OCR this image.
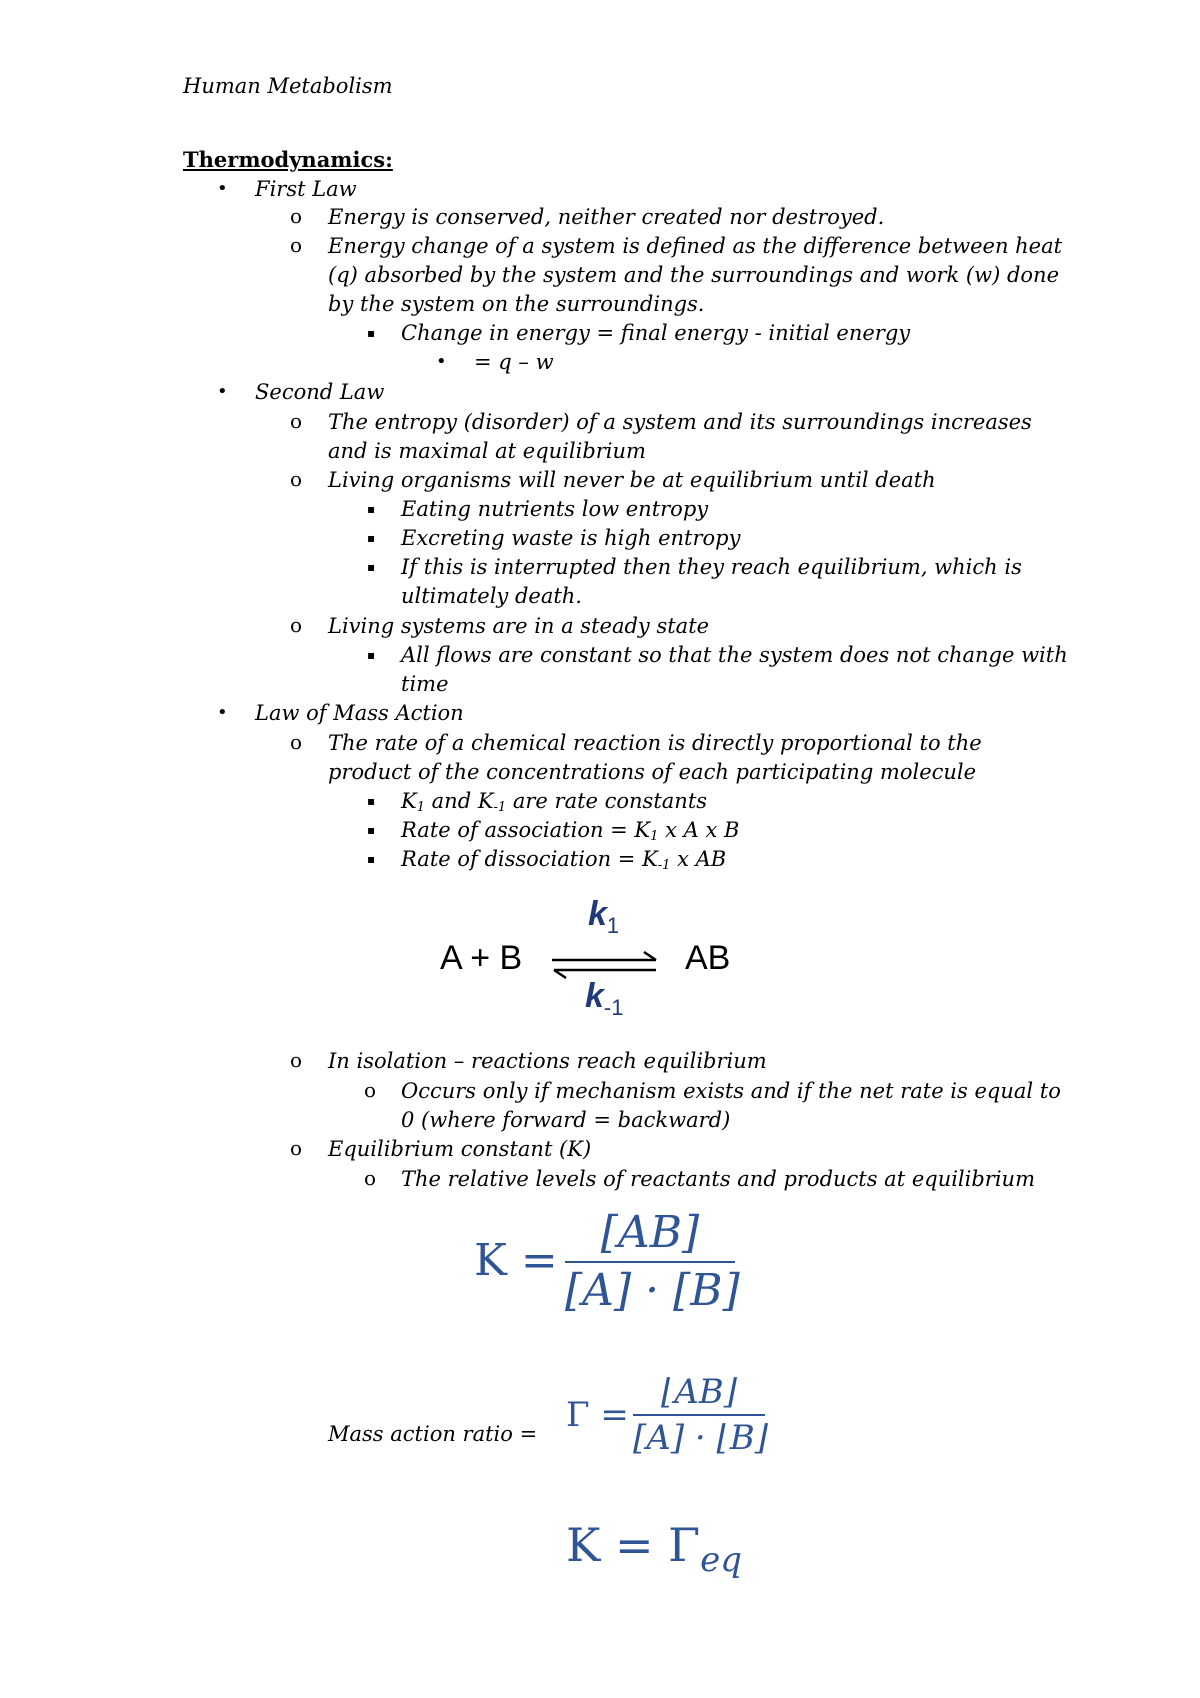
Human Metabolism
Thermodynamics:
• First Law
o Energy is conserved, neither created nor destroyed.
o Energy change of a system is defined as the difference between heat
(q) absorbed by the system and the surroundings and work (w) done
by the system on the surroundings.
▪ Change in energy = final energy - initial energy
• = q – w
• Second Law
o The entropy (disorder) of a system and its surroundings increases
and is maximal at equilibrium
o Living organisms will never be at equilibrium until death
▪ Eating nutrients low entropy
▪ Excreting waste is high entropy
▪ If this is interrupted then they reach equilibrium, which is
ultimately death.
o Living systems are in a steady state
▪ All flows are constant so that the system does not change with
time
• Law of Mass Action
o The rate of a chemical reaction is directly proportional to the
product of the concentrations of each participating molecule
▪ $K_1$ and $K_{-1}$ are rate constants
▪ Rate of association = $K_1$ x A x B
▪ Rate of dissociation = $K_{-1}$ x AB
$k_1$
A + B	AB
$k_{-1}$
o In isolation – reactions reach equilibrium
o Occurs only if mechanism exists and if the net rate is equal to
0 (where forward = backward)
o Equilibrium constant (K)
o The relative levels of reactants and products at equilibrium
K =
[AB]
[A] · [B]
Mass action ratio = Γ =
⌊AB⌋
[A] · ⌊B⌋
$K = \Gamma_{eq}$
